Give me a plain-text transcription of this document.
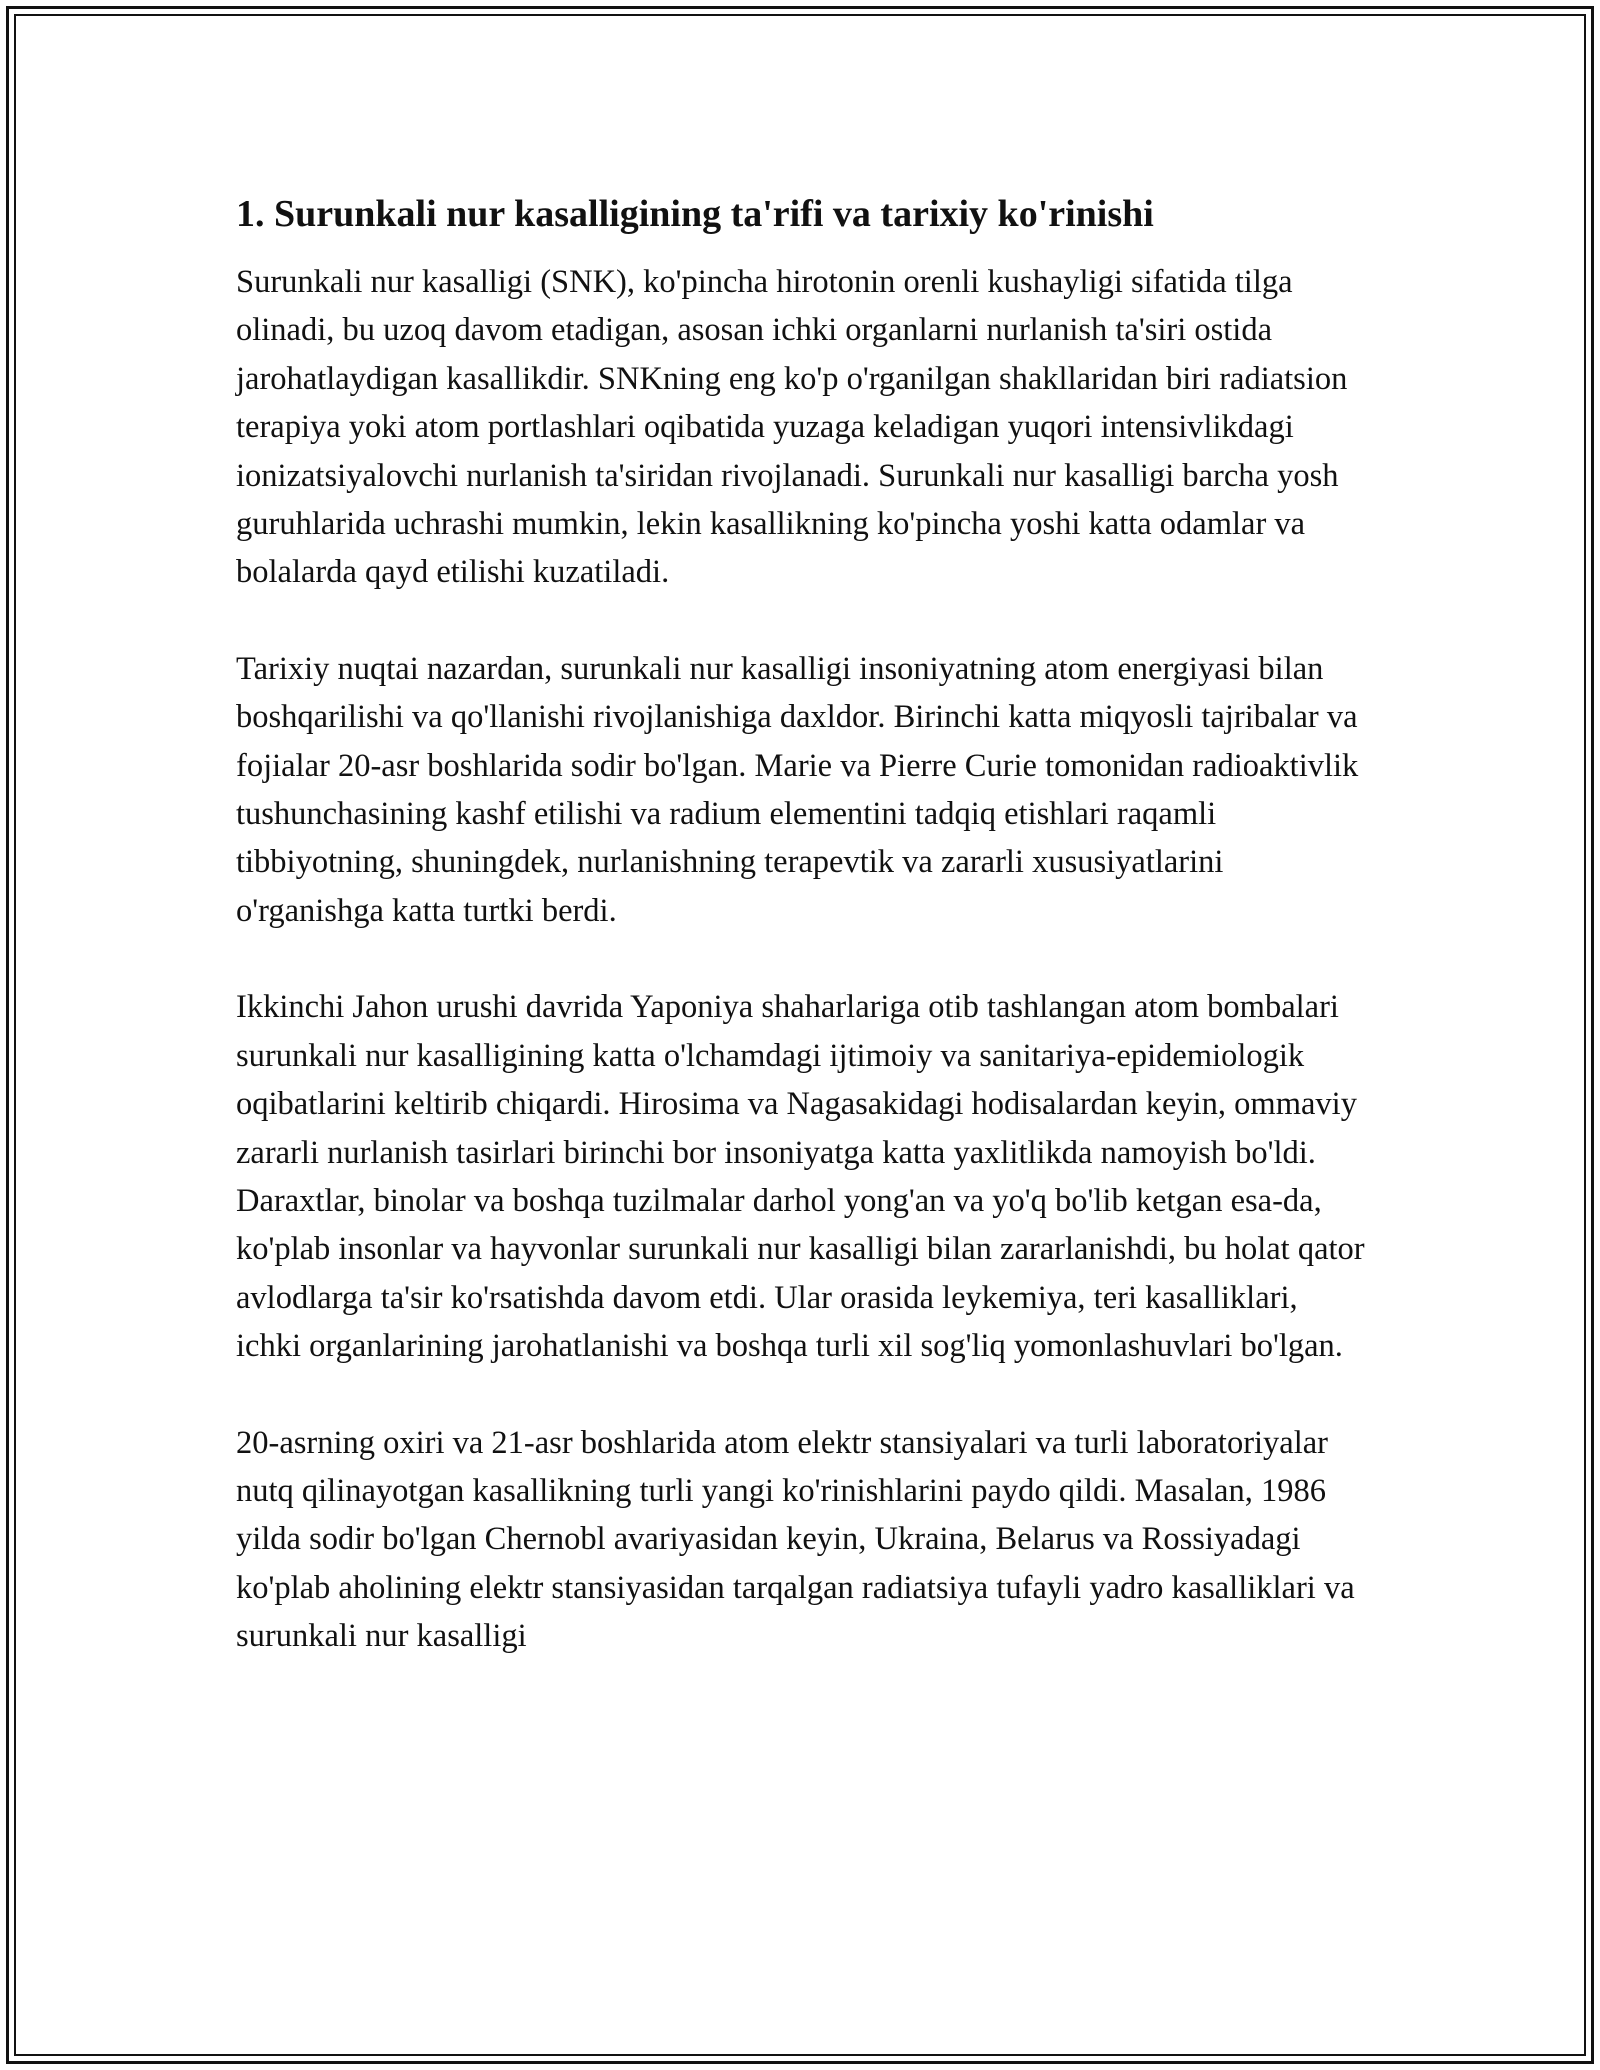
1. Surunkali nur kasalligining ta'rifi va tarixiy ko'rinishi

Surunkali nur kasalligi (SNK), ko'pincha hirotonin orenli kushayligi sifatida tilga olinadi, bu uzoq davom etadigan, asosan ichki organlarni nurlanish ta'siri ostida jarohatlaydigan kasallikdir. SNKning eng ko'p o'rganilgan shakllaridan biri radiatsion terapiya yoki atom portlashlari oqibatida yuzaga keladigan yuqori intensivlikdagi ionizatsiyalovchi nurlanish ta'siridan rivojlanadi. Surunkali nur kasalligi barcha yosh guruhlarida uchrashi mumkin, lekin kasallikning ko'pincha yoshi katta odamlar va bolalarda qayd etilishi kuzatiladi.

Tarixiy nuqtai nazardan, surunkali nur kasalligi insoniyatning atom energiyasi bilan boshqarilishi va qo'llanishi rivojlanishiga daxldor. Birinchi katta miqyosli tajribalar va fojialar 20-asr boshlarida sodir bo'lgan. Marie va Pierre Curie tomonidan radioaktivlik tushunchasining kashf etilishi va radium elementini tadqiq etishlari raqamli tibbiyotning, shuningdek, nurlanishning terapevtik va zararli xususiyatlarini o'rganishga katta turtki berdi.

Ikkinchi Jahon urushi davrida Yaponiya shaharlariga otib tashlangan atom bombalari surunkali nur kasalligining katta o'lchamdagi ijtimoiy va sanitariya-epidemiologik oqibatlarini keltirib chiqardi. Hirosima va Nagasakidagi hodisalardan keyin, ommaviy zararli nurlanish tasirlari birinchi bor insoniyatga katta yaxlitlikda namoyish bo'ldi. Daraxtlar, binolar va boshqa tuzilmalar darhol yong'an va yo'q bo'lib ketgan esa-da, ko'plab insonlar va hayvonlar surunkali nur kasalligi bilan zararlanishdi, bu holat qator avlodlarga ta'sir ko'rsatishda davom etdi. Ular orasida leykemiya, teri kasalliklari, ichki organlarining jarohatlanishi va boshqa turli xil sog'liq yomonlashuvlari bo'lgan.

20-asrning oxiri va 21-asr boshlarida atom elektr stansiyalari va turli laboratoriyalar nutq qilinayotgan kasallikning turli yangi ko'rinishlarini paydo qildi. Masalan, 1986 yilda sodir bo'lgan Chernobl avariyasidan keyin, Ukraina, Belarus va Rossiyadagi ko'plab aholining elektr stansiyasidan tarqalgan radiatsiya tufayli yadro kasalliklari va surunkali nur kasalligi
